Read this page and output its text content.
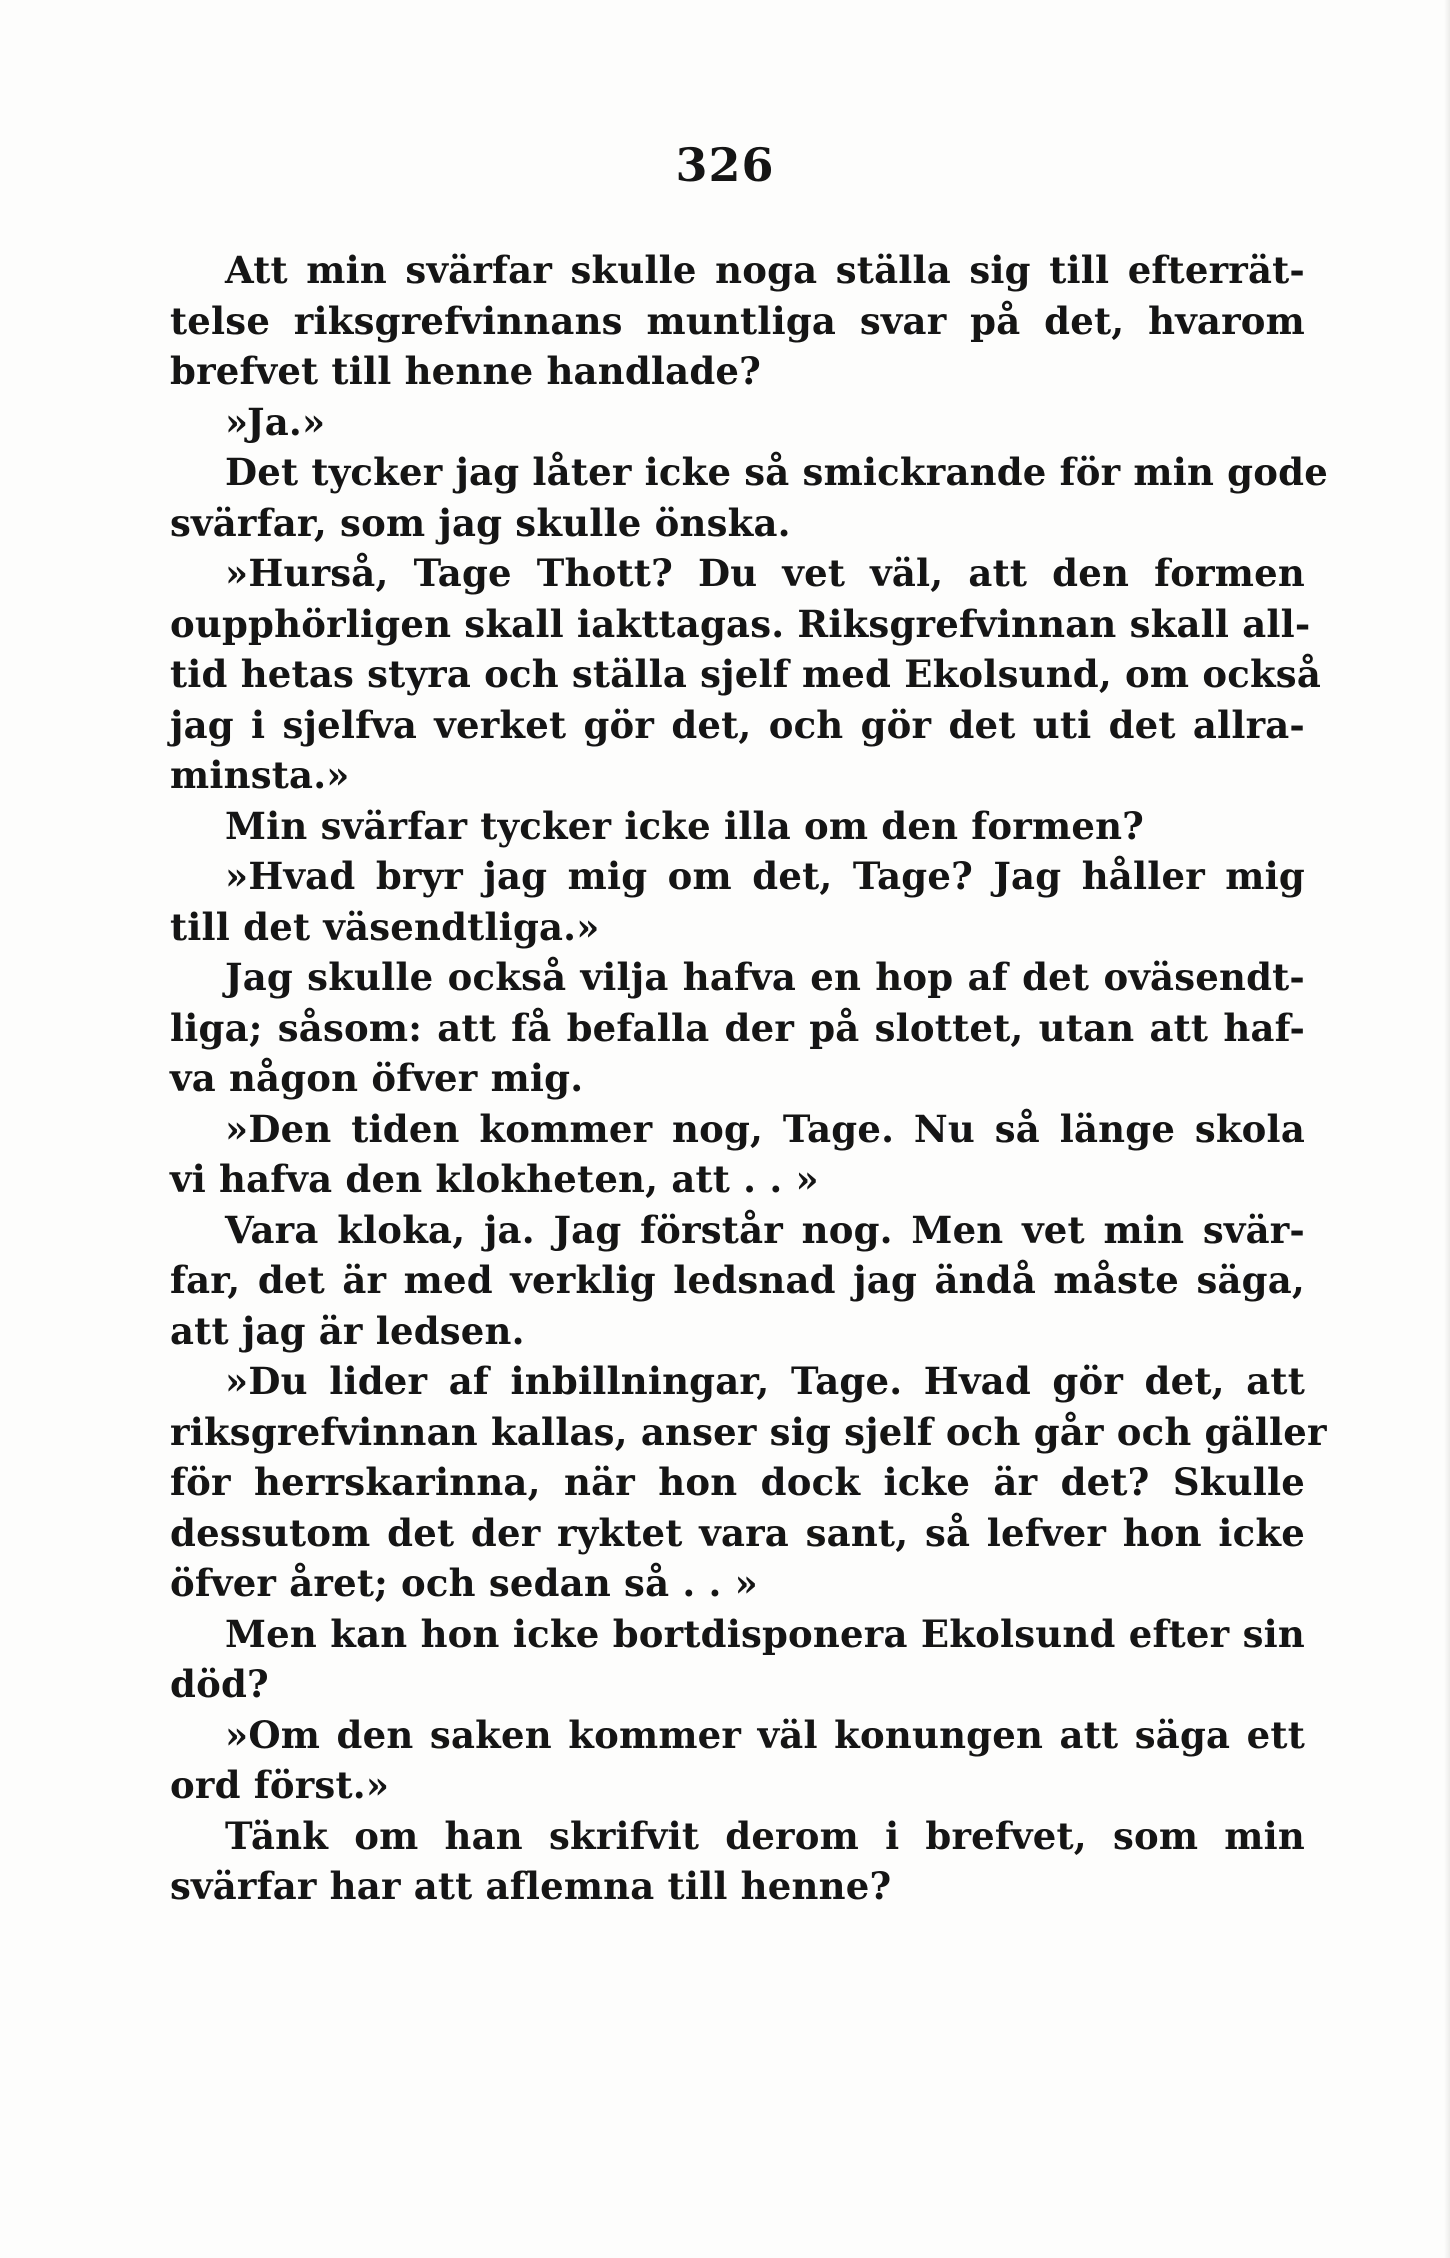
326
Att min svärfar skulle noga ställa sig till efterrät-
telse riksgrefvinnans muntliga svar på det, hvarom
brefvet till henne handlade?
»Ja.»
Det tycker jag låter icke så smickrande för min gode
svärfar, som jag skulle önska.
»Hurså, Tage Thott? Du vet väl, att den formen
oupphörligen skall iakttagas. Riksgrefvinnan skall all-
tid hetas styra och ställa sjelf med Ekolsund, om också
jag i sjelfva verket gör det, och gör det uti det allra-
minsta.»
Min svärfar tycker icke illa om den formen?
»Hvad bryr jag mig om det, Tage? Jag håller mig
till det väsendtliga.»
Jag skulle också vilja hafva en hop af det oväsendt-
liga; såsom: att få befalla der på slottet, utan att haf-
va någon öfver mig.
»Den tiden kommer nog, Tage. Nu så länge skola
vi hafva den klokheten, att . . »
Vara kloka, ja. Jag förstår nog. Men vet min svär-
far, det är med verklig ledsnad jag ändå måste säga,
att jag är ledsen.
»Du lider af inbillningar, Tage. Hvad gör det, att
riksgrefvinnan kallas, anser sig sjelf och går och gäller
för herrskarinna, när hon dock icke är det? Skulle
dessutom det der ryktet vara sant, så lefver hon icke
öfver året; och sedan så . . »
Men kan hon icke bortdisponera Ekolsund efter sin
död?
»Om den saken kommer väl konungen att säga ett
ord först.»
Tänk om han skrifvit derom i brefvet, som min
svärfar har att aflemna till henne?
